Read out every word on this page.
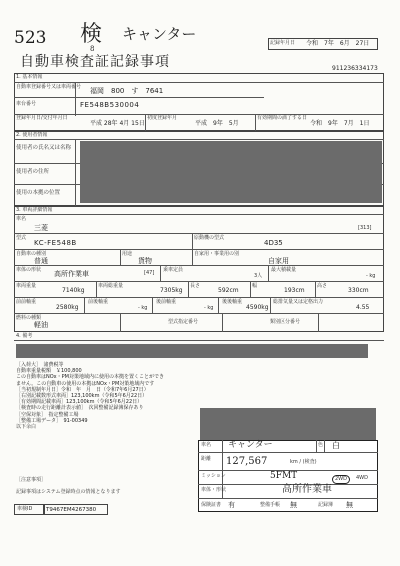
523 検
8
キャンター	記録年月日 令和　7年　6月　27日
自動車検査証記録事項	911236334173
1. 基本情報
自動車登録番号又は車両番号 福岡　800　す　7641
車台番号	FE548B530004
登録年月日/交付年月日
平成 28年 4月 15日
初度登録年月
平成　9年　5月
有効期間の満了する日
令和　9年　7月　1日
2. 使用者情報
使用者の氏名又は名称
使用者の住所
使用の本拠の位置
3. 車両詳細情報
車名
三菱	[313]
型式
KC-FE548B
原動機の型式
4D35
自動車の種別
普通
用途
貨物
自家用・事業用の別
自家用
車体の形状 高所作業車	[47] 乗車定員
3人
最大積載量
- kg
車両重量
7140kg
車両総重量
7305kg
長さ
592cm
幅
193cm
高さ
330cm
前前軸重
2580kg
前後軸重
- kg
後前軸重
- kg
後後軸重
4590kg
総排気量又は定格出力
4.55
燃料の種類
軽油	型式指定番号	類別区分番号
4. 備考
［入荷大］　諸費税等
自動車重量税額　￥100,800
この自動車はNOx・PM対策地域内に使用の本拠を置くことができ
ません。この自動車の使用の本拠はNOx・PM対策地域内です
［当初規制年月日］令和　年　月　日（令和7年6月27日）
［右別記載数形式車両］123,100km（令和5年6月22日）
［有効期間記載車両］123,100km（令和5年6月22日）
［検査時の走行距離計表示値］　次回整備記録簿保存あり
［空保対象］　指定整備工場
［整備工場データ］　91-00349
以下余白
［注意事項］
記録事項はシステム登録時点の情報となります
車検ID T9467EM4267380
車名 キャンター	色 白
距離 127,567	km / (検査)
ミッション	5FMT	2WD	4WD
車体・形状	高所作業車
保険証書 有	整備手帳 無	記録簿 無
